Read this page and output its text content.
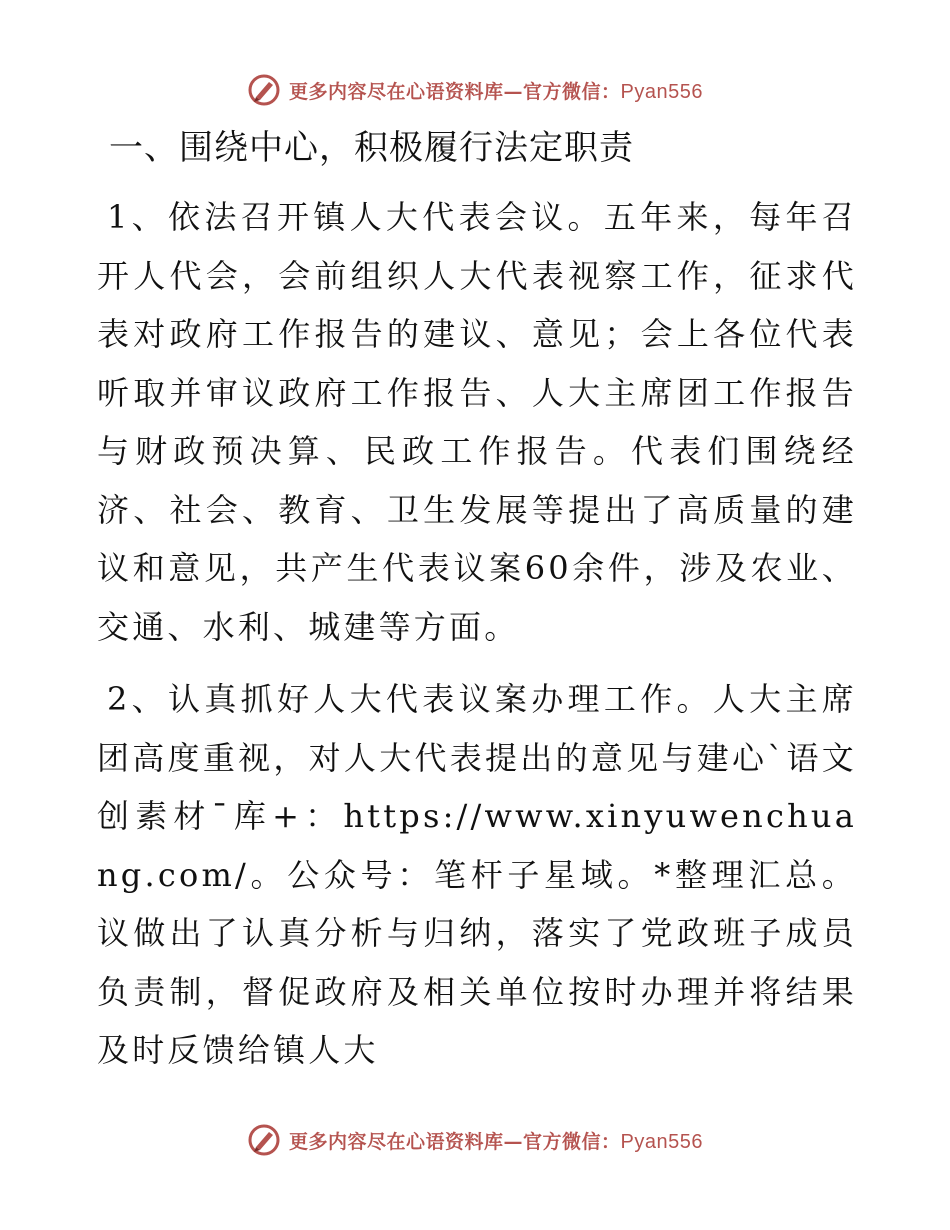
更多内容尽在心语资料库—官方微信：Pyan556
一、围绕中心，积极履行法定职责

1、依法召开镇人大代表会议。五年来，每年召开人代会，会前组织人大代表视察工作，征求代表对政府工作报告的建议、意见；会上各位代表听取并审议政府工作报告、人大主席团工作报告与财政预决算、民政工作报告。代表们围绕经济、社会、教育、卫生发展等提出了高质量的建议和意见，共产生代表议案60余件，涉及农业、交通、水利、城建等方面。

2、认真抓好人大代表议案办理工作。人大主席团高度重视，对人大代表提出的意见与建心`语文创素材¯库+：https://www.xinyuwenchuang.com/。公众号：笔杆子星域。*整理汇总。议做出了认真分析与归纳，落实了党政班子成员负责制，督促政府及相关单位按时办理并将结果及时反馈给镇人大

更多内容尽在心语资料库—官方微信：Pyan556
